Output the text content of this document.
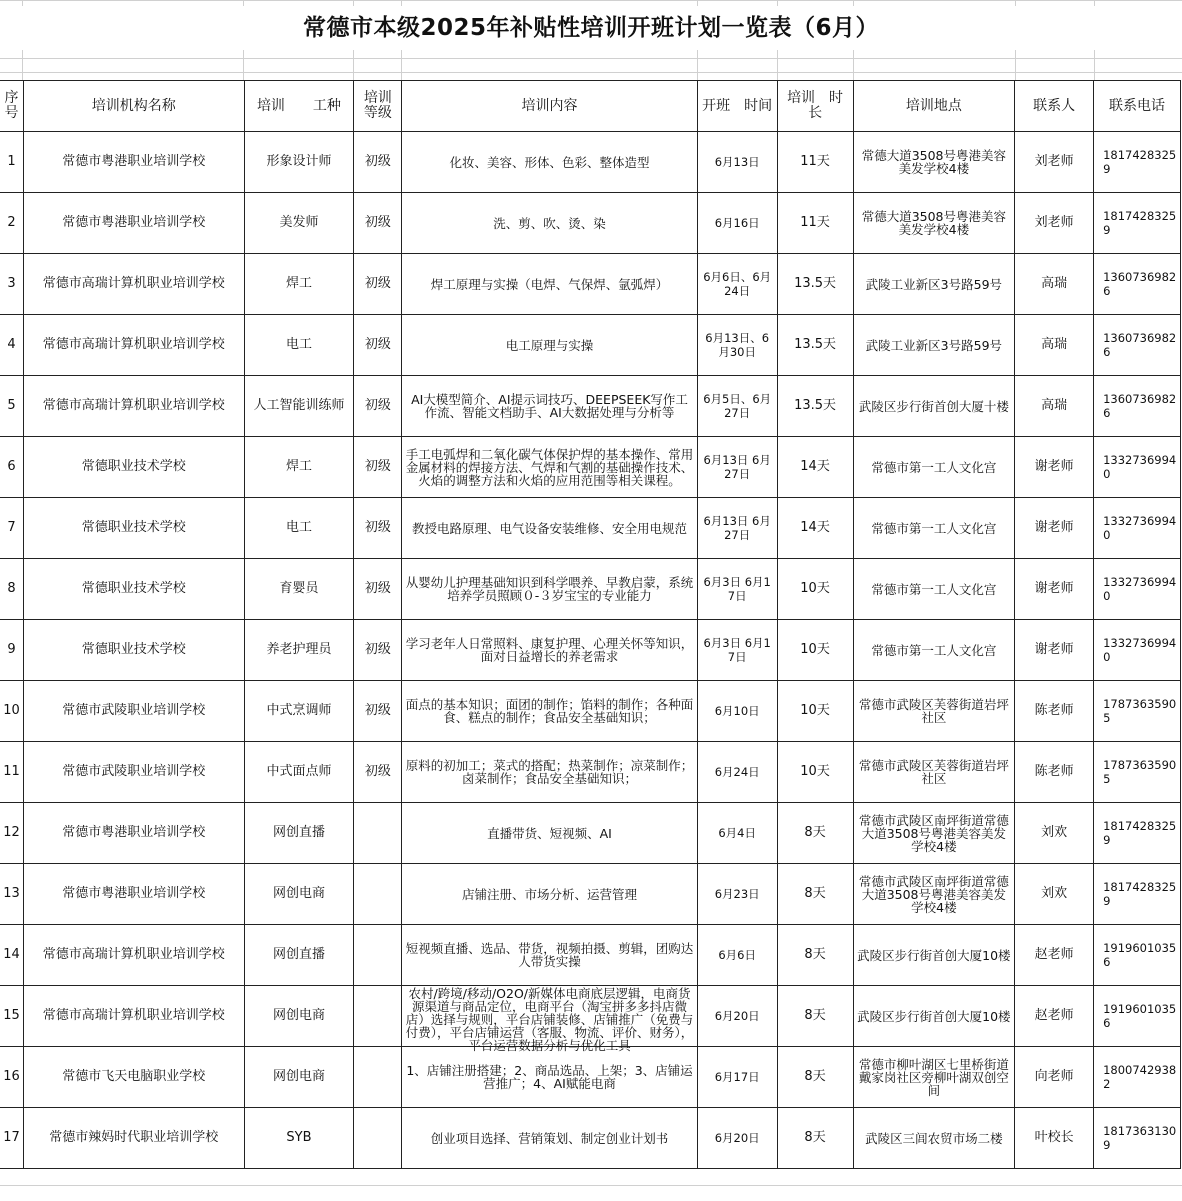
常德市本级2025年补贴性培训开班计划一览表（6月）
序号	培训机构名称	培训　　工种	培训等级	培训内容	开班　时间	培训　时长	培训地点	联系人	联系电话
1	常德市粤港职业培训学校	形象设计师	初级	化妆、美容、形体、色彩、整体造型	6月13日	11天	常德大道3508号粤港美容美发学校4楼	刘老师	18174283259
2	常德市粤港职业培训学校	美发师	初级	洗、剪、吹、烫、染	6月16日	11天	常德大道3508号粤港美容美发学校4楼	刘老师	18174283259
3	常德市高瑞计算机职业培训学校	焊工	初级	焊工原理与实操（电焊、气保焊、氩弧焊）	6月6日、6月24日	13.5天	武陵工业新区3号路59号	高瑞	13607369826
4	常德市高瑞计算机职业培训学校	电工	初级	电工原理与实操	6月13日、6月30日	13.5天	武陵工业新区3号路59号	高瑞	13607369826
5	常德市高瑞计算机职业培训学校	人工智能训练师	初级	AI大模型简介、AI提示词技巧、DEEPSEEK写作工作流、智能文档助手、AI大数据处理与分析等	6月5日、6月27日	13.5天	武陵区步行街首创大厦十楼	高瑞	13607369826
6	常德职业技术学校	焊工	初级	手工电弧焊和二氧化碳气体保护焊的基本操作、常用金属材料的焊接方法、气焊和气割的基础操作技术、火焰的调整方法和火焰的应用范围等相关课程。	6月13日 6月27日	14天	常德市第一工人文化宫	谢老师	13327369940
7	常德职业技术学校	电工	初级	教授电路原理、电气设备安装维修、安全用电规范	6月13日 6月27日	14天	常德市第一工人文化宫	谢老师	13327369940
8	常德职业技术学校	育婴员	初级	从婴幼儿护理基础知识到科学喂养、早教启蒙，系统培养学员照顾０-３岁宝宝的专业能力	6月3日 6月17日	10天	常德市第一工人文化宫	谢老师	13327369940
9	常德职业技术学校	养老护理员	初级	学习老年人日常照料、康复护理、心理关怀等知识，面对日益增长的养老需求	6月3日 6月17日	10天	常德市第一工人文化宫	谢老师	13327369940
10	常德市武陵职业培训学校	中式烹调师	初级	面点的基本知识；面团的制作；馅料的制作；各种面食、糕点的制作；食品安全基础知识；	6月10日	10天	常德市武陵区芙蓉街道岩坪社区	陈老师	17873635905
11	常德市武陵职业培训学校	中式面点师	初级	原料的初加工；菜式的搭配；热菜制作；凉菜制作；卤菜制作；食品安全基础知识；	6月24日	10天	常德市武陵区芙蓉街道岩坪社区	陈老师	17873635905
12	常德市粤港职业培训学校	网创直播		直播带货、短视频、AI	6月4日	8天	常德市武陵区南坪街道常德大道3508号粤港美容美发学校4楼	刘欢	18174283259
13	常德市粤港职业培训学校	网创电商		店铺注册、市场分析、运营管理	6月23日	8天	常德市武陵区南坪街道常德大道3508号粤港美容美发学校4楼	刘欢	18174283259
14	常德市高瑞计算机职业培训学校	网创直播		短视频直播、选品、带货，视频拍摄、剪辑，团购达人带货实操	6月6日	8天	武陵区步行街首创大厦10楼	赵老师	19196010356
15	常德市高瑞计算机职业培训学校	网创电商		农村/跨境/移动/O2O/新媒体电商底层逻辑，电商货源渠道与商品定位，电商平台（淘宝拼多多抖店微店）选择与规则，平台店铺装修、店铺推广（免费与付费），平台店铺运营（客服、物流、评价、财务），平台运营数据分析与优化工具	6月20日	8天	武陵区步行街首创大厦10楼	赵老师	19196010356
16	常德市飞天电脑职业学校	网创电商		1、店铺注册搭建；2、商品选品、上架；3、店铺运营推广；4、AI赋能电商	6月17日	8天	常德市柳叶湖区七里桥街道戴家岗社区旁柳叶湖双创空间	向老师	18007429382
17	常德市辣妈时代职业培训学校	SYB		创业项目选择、营销策划、制定创业计划书	6月20日	8天	武陵区三闾农贸市场二楼	叶校长	18173631309
